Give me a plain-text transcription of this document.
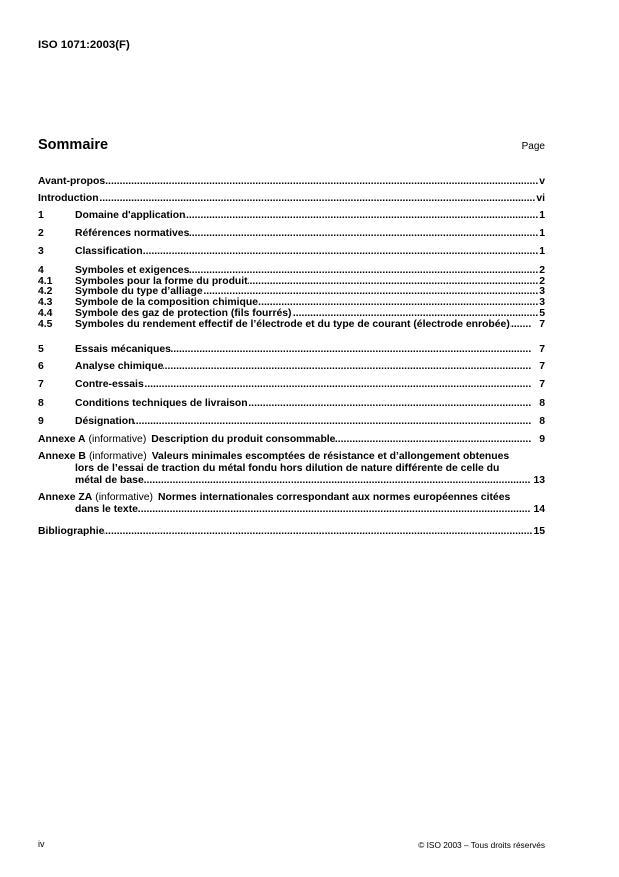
ISO 1071:2003(F)
Sommaire	Page
Avant-propos .....	v
Introduction .....	vi
1	Domaine d'application .....	1
2	Références normatives .....	1
3	Classification .....	1
4	Symboles et exigences .....	2
4.1	Symboles pour la forme du produit .....	2
4.2	Symbole du type d’alliage .....	3
4.3	Symbole de la composition chimique .....	3
4.4	Symbole des gaz de protection (fils fourrés) .....	5
4.5	Symboles du rendement effectif de l’électrode et du type de courant (électrode enrobée) .....	7
5	Essais mécaniques .....	7
6	Analyse chimique .....	7
7	Contre-essais .....	7
8	Conditions techniques de livraison .....	8
9	Désignation .....	8
Annexe A (informative) Description du produit consommable .....	9
Annexe B (informative) Valeurs minimales escomptées de résistance et d’allongement obtenues
lors de l’essai de traction du métal fondu hors dilution de nature différente de celle du
métal de base .....	13
Annexe ZA (informative) Normes internationales correspondant aux normes européennes citées
dans le texte .....	14
Bibliographie .....	15
iv	© ISO 2003 – Tous droits réservés
